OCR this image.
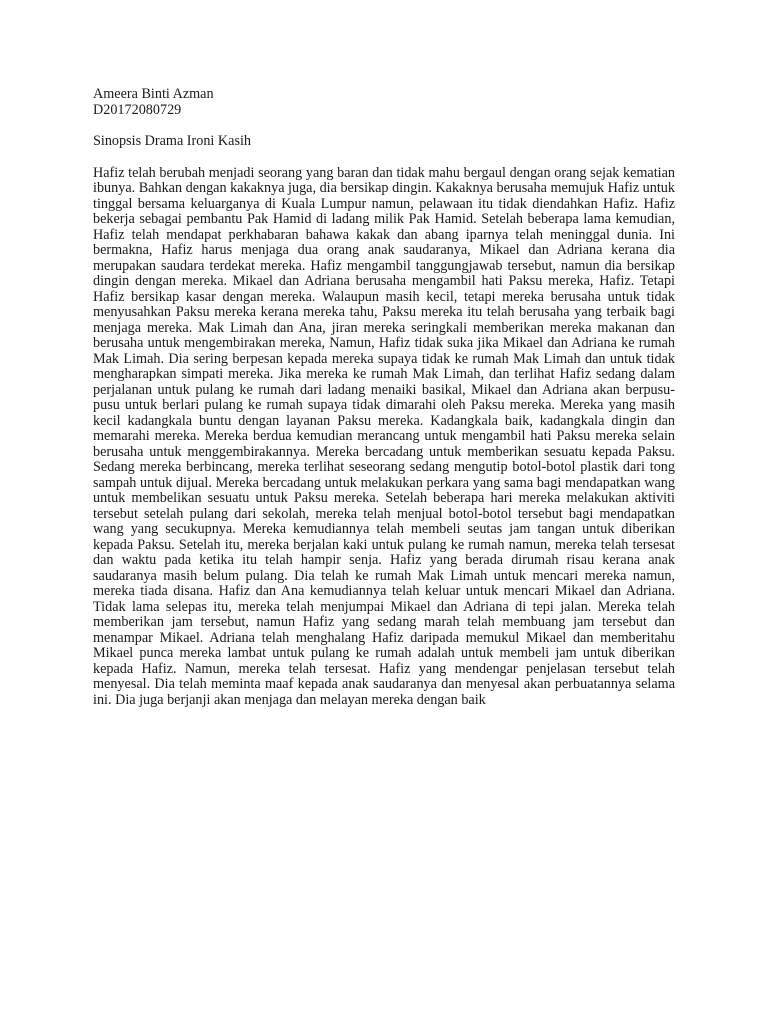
Ameera Binti Azman

D20172080729

Sinopsis Drama Ironi Kasih

Hafiz telah berubah menjadi seorang yang baran dan tidak mahu bergaul dengan orang sejak kematian ibunya. Bahkan dengan kakaknya juga, dia bersikap dingin. Kakaknya berusaha memujuk Hafiz untuk tinggal bersama keluarganya di Kuala Lumpur namun, pelawaan itu tidak diendahkan Hafiz. Hafiz bekerja sebagai pembantu Pak Hamid di ladang milik Pak Hamid. Setelah beberapa lama kemudian, Hafiz telah mendapat perkhabaran bahawa kakak dan abang iparnya telah meninggal dunia. Ini bermakna, Hafiz harus menjaga dua orang anak saudaranya, Mikael dan Adriana kerana dia merupakan saudara terdekat mereka. Hafiz mengambil tanggungjawab tersebut, namun dia bersikap dingin dengan mereka. Mikael dan Adriana berusaha mengambil hati Paksu mereka, Hafiz. Tetapi Hafiz bersikap kasar dengan mereka. Walaupun masih kecil, tetapi mereka berusaha untuk tidak menyusahkan Paksu mereka kerana mereka tahu, Paksu mereka itu telah berusaha yang terbaik bagi menjaga mereka. Mak Limah dan Ana, jiran mereka seringkali memberikan mereka makanan dan berusaha untuk mengembirakan mereka, Namun, Hafiz tidak suka jika Mikael dan Adriana ke rumah Mak Limah. Dia sering berpesan kepada mereka supaya tidak ke rumah Mak Limah dan untuk tidak mengharapkan simpati mereka. Jika mereka ke rumah Mak Limah, dan terlihat Hafiz sedang dalam perjalanan untuk pulang ke rumah dari ladang menaiki basikal, Mikael dan Adriana akan berpusu-pusu untuk berlari pulang ke rumah supaya tidak dimarahi oleh Paksu mereka. Mereka yang masih kecil kadangkala buntu dengan layanan Paksu mereka. Kadangkala baik, kadangkala dingin dan memarahi mereka. Mereka berdua kemudian merancang untuk mengambil hati Paksu mereka selain berusaha untuk menggembirakannya. Mereka bercadang untuk memberikan sesuatu kepada Paksu. Sedang mereka berbincang, mereka terlihat seseorang sedang mengutip botol-botol plastik dari tong sampah untuk dijual. Mereka bercadang untuk melakukan perkara yang sama bagi mendapatkan wang untuk membelikan sesuatu untuk Paksu mereka. Setelah beberapa hari mereka melakukan aktiviti tersebut setelah pulang dari sekolah, mereka telah menjual botol-botol tersebut bagi mendapatkan wang yang secukupnya. Mereka kemudiannya telah membeli seutas jam tangan untuk diberikan kepada Paksu. Setelah itu, mereka berjalan kaki untuk pulang ke rumah namun, mereka telah tersesat dan waktu pada ketika itu telah hampir senja. Hafiz yang berada dirumah risau kerana anak saudaranya masih belum pulang. Dia telah ke rumah Mak Limah untuk mencari mereka namun, mereka tiada disana. Hafiz dan Ana kemudiannya telah keluar untuk mencari Mikael dan Adriana. Tidak lama selepas itu, mereka telah menjumpai Mikael dan Adriana di tepi jalan. Mereka telah memberikan jam tersebut, namun Hafiz yang sedang marah telah membuang jam tersebut dan menampar Mikael. Adriana telah menghalang Hafiz daripada memukul Mikael dan memberitahu Mikael punca mereka lambat untuk pulang ke rumah adalah untuk membeli jam untuk diberikan kepada Hafiz. Namun, mereka telah tersesat. Hafiz yang mendengar penjelasan tersebut telah menyesal. Dia telah meminta maaf kepada anak saudaranya dan menyesal akan perbuatannya selama ini. Dia juga berjanji akan menjaga dan melayan mereka dengan baik
